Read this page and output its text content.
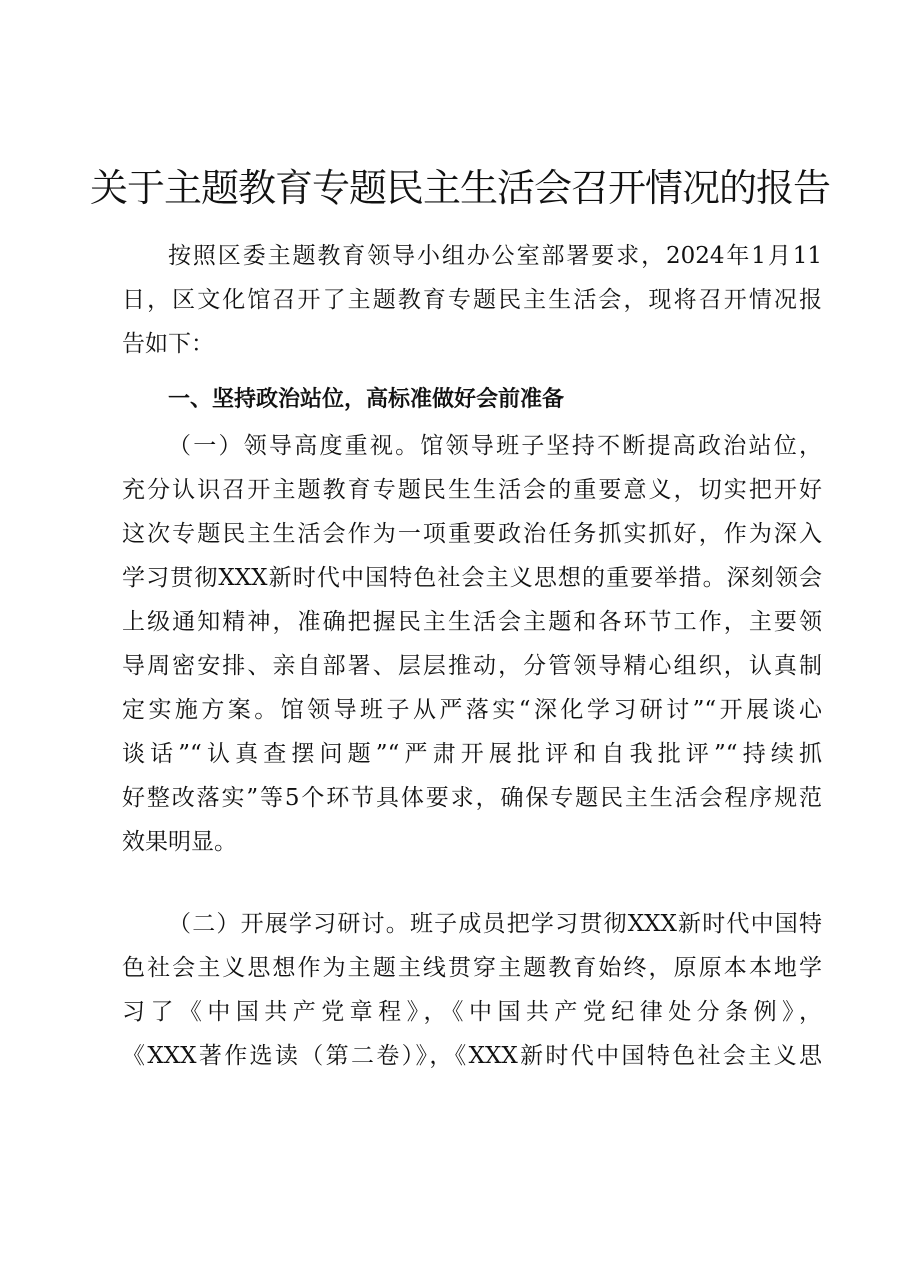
关于主题教育专题民主生活会召开情况的报告
按照区委主题教育领导小组办公室部署要求，2024年1月11
日，区文化馆召开了主题教育专题民主生活会，现将召开情况报
告如下：
一、坚持政治站位，高标准做好会前准备
（一）领导高度重视。馆领导班子坚持不断提高政治站位，
充分认识召开主题教育专题民生生活会的重要意义，切实把开好
这次专题民主生活会作为一项重要政治任务抓实抓好，作为深入
学习贯彻XXX新时代中国特色社会主义思想的重要举措。深刻领会
上级通知精神，准确把握民主生活会主题和各环节工作，主要领
导周密安排、亲自部署、层层推动，分管领导精心组织，认真制
定实施方案。馆领导班子从严落实“深化学习研讨”“开展谈心
谈话”“认真查摆问题”“严肃开展批评和自我批评”“持续抓
好整改落实”等5个环节具体要求，确保专题民主生活会程序规范
效果明显。
（二）开展学习研讨。班子成员把学习贯彻XXX新时代中国特
色社会主义思想作为主题主线贯穿主题教育始终，原原本本地学
习了《中国共产党章程》，《中国共产党纪律处分条例》，
《XXX著作选读（第二卷）》，《XXX新时代中国特色社会主义思
